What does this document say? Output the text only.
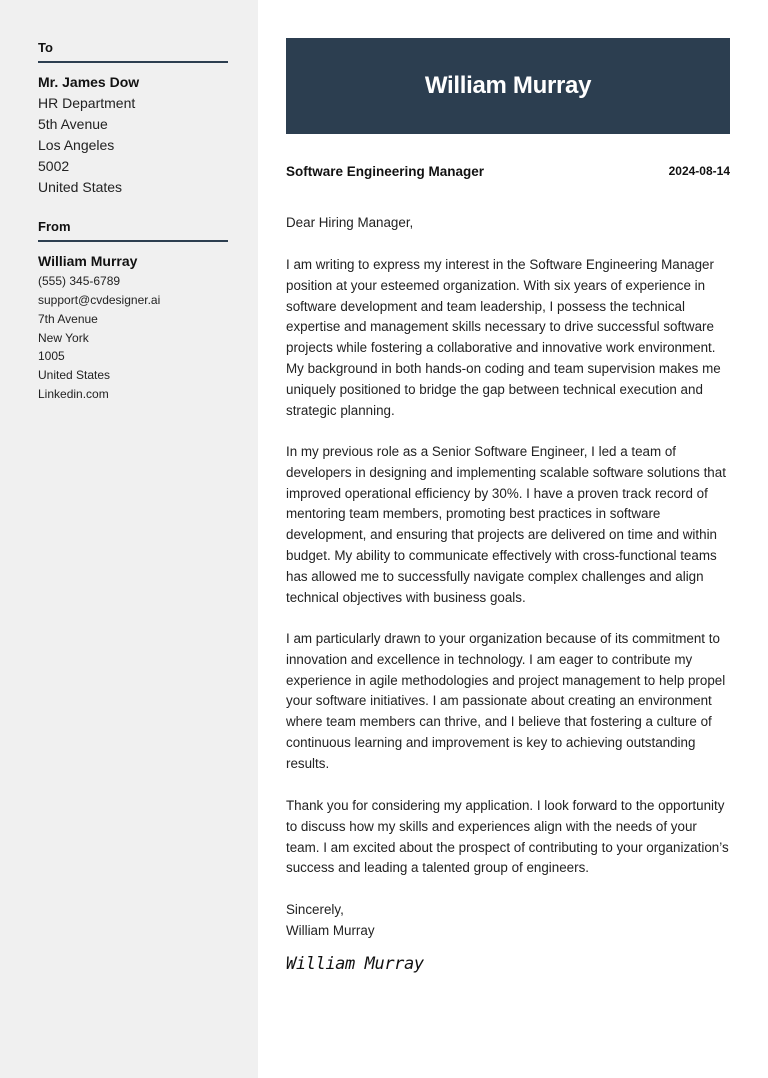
To
Mr. James Dow
HR Department
5th Avenue
Los Angeles
5002
United States
From
William Murray
(555) 345-6789
support@cvdesigner.ai
7th Avenue
New York
1005
United States
Linkedin.com
William Murray
Software Engineering Manager	2024-08-14
Dear Hiring Manager,
I am writing to express my interest in the Software Engineering Manager position at your esteemed organization. With six years of experience in software development and team leadership, I possess the technical expertise and management skills necessary to drive successful software projects while fostering a collaborative and innovative work environment. My background in both hands-on coding and team supervision makes me uniquely positioned to bridge the gap between technical execution and strategic planning.
In my previous role as a Senior Software Engineer, I led a team of developers in designing and implementing scalable software solutions that improved operational efficiency by 30%. I have a proven track record of mentoring team members, promoting best practices in software development, and ensuring that projects are delivered on time and within budget. My ability to communicate effectively with cross-functional teams has allowed me to successfully navigate complex challenges and align technical objectives with business goals.
I am particularly drawn to your organization because of its commitment to innovation and excellence in technology. I am eager to contribute my experience in agile methodologies and project management to help propel your software initiatives. I am passionate about creating an environment where team members can thrive, and I believe that fostering a culture of continuous learning and improvement is key to achieving outstanding results.
Thank you for considering my application. I look forward to the opportunity to discuss how my skills and experiences align with the needs of your team. I am excited about the prospect of contributing to your organization’s success and leading a talented group of engineers.
Sincerely,
William Murray
William Murray
